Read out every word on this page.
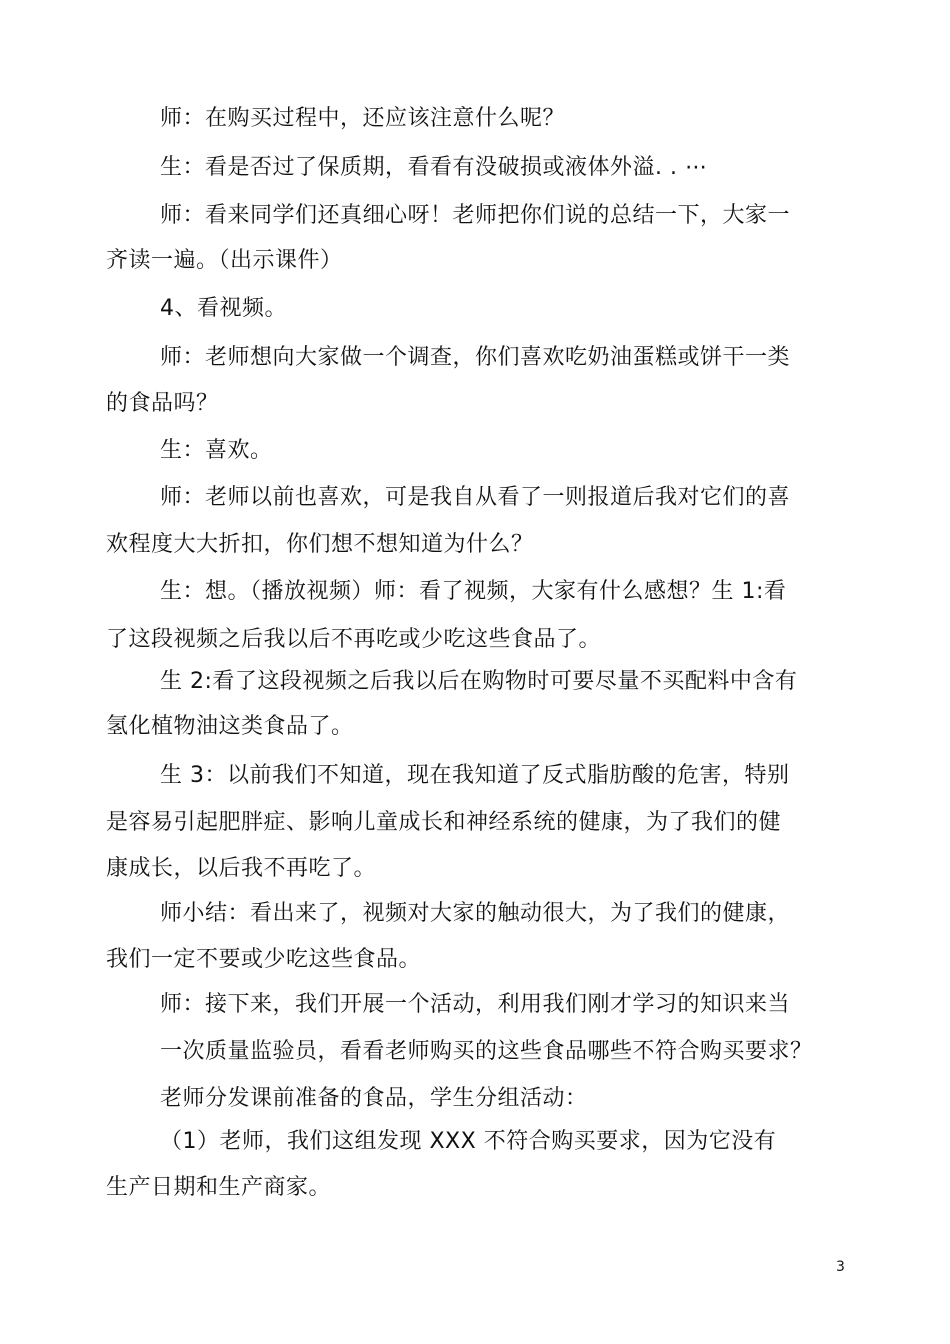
师：在购买过程中，还应该注意什么呢？
生：看是否过了保质期，看看有没破损或液体外溢. . ⋯
师：看来同学们还真细心呀！老师把你们说的总结一下，大家一
齐读一遍。（出示课件）
4、看视频。
师：老师想向大家做一个调查，你们喜欢吃奶油蛋糕或饼干一类
的食品吗？
生：喜欢。
师：老师以前也喜欢，可是我自从看了一则报道后我对它们的喜
欢程度大大折扣，你们想不想知道为什么？
生：想。（播放视频）师：看了视频，大家有什么感想？生 1:看
了这段视频之后我以后不再吃或少吃这些食品了。
生 2:看了这段视频之后我以后在购物时可要尽量不买配料中含有
氢化植物油这类食品了。
生 3：以前我们不知道，现在我知道了反式脂肪酸的危害，特别
是容易引起肥胖症、影响儿童成长和神经系统的健康，为了我们的健
康成长，以后我不再吃了。
师小结：看出来了，视频对大家的触动很大，为了我们的健康，
我们一定不要或少吃这些食品。
师：接下来，我们开展一个活动，利用我们刚才学习的知识来当
一次质量监验员，看看老师购买的这些食品哪些不符合购买要求？
老师分发课前准备的食品，学生分组活动：
（1）老师，我们这组发现 XXX 不符合购买要求，因为它没有
生产日期和生产商家。
3
